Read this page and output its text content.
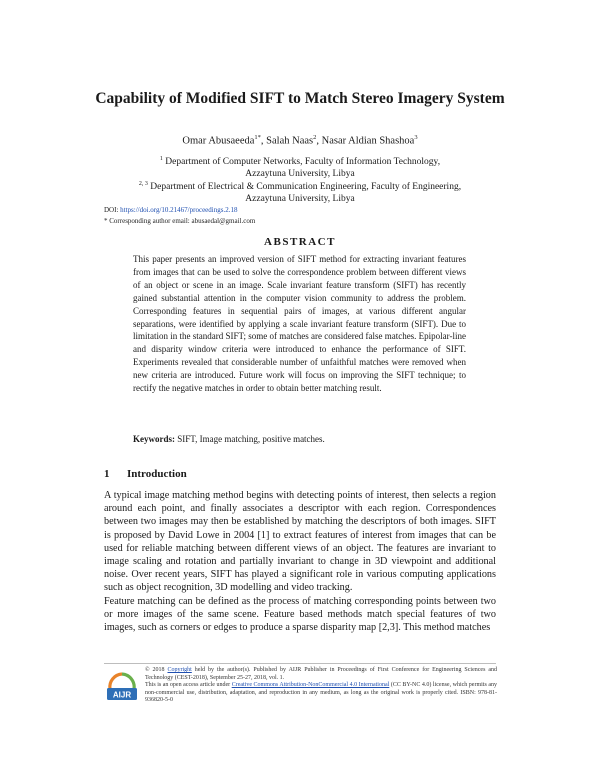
Capability of Modified SIFT to Match Stereo Imagery System
Omar Abusaeeda$^{1*}$, Salah Naas$^2$, Nasar Aldian Shashoa$^3$
$^1$ Department of Computer Networks, Faculty of Information Technology,
Azzaytuna University, Libya
$^{2, 3}$ Department of Electrical & Communication Engineering, Faculty of Engineering,
Azzaytuna University, Libya
DOI: https://doi.org/10.21467/proceedings.2.18
* Corresponding author email: abusaedal@gmail.com
ABSTRACT
This paper presents an improved version of SIFT method for extracting invariant features from images that can be used to solve the correspondence problem between different views of an object or scene in an image. Scale invariant feature transform (SIFT) has recently gained substantial attention in the computer vision community to address the problem. Corresponding features in sequential pairs of images, at various different angular separations, were identified by applying a scale invariant feature transform (SIFT). Due to limitation in the standard SIFT; some of matches are considered false matches. Epipolar-line and disparity window criteria were introduced to enhance the performance of SIFT. Experiments revealed that considerable number of unfaithful matches were removed when new criteria are introduced. Future work will focus on improving the SIFT technique; to rectify the negative matches in order to obtain better matching result.
Keywords: SIFT, Image matching, positive matches.
1 Introduction

A typical image matching method begins with detecting points of interest, then selects a region around each point, and finally associates a descriptor with each region. Correspondences between two images may then be established by matching the descriptors of both images. SIFT is proposed by David Lowe in 2004 [1] to extract features of interest from images that can be used for reliable matching between different views of an object. The features are invariant to image scaling and rotation and partially invariant to change in 3D viewpoint and additional noise. Over recent years, SIFT has played a significant role in various computing applications such as object recognition, 3D modelling and video tracking.

Feature matching can be defined as the process of matching corresponding points between two or more images of the same scene. Feature based methods match special features of two images, such as corners or edges to produce a sparse disparity map [2,3]. This method matches

AIJR
© 2018 Copyright held by the author(s). Published by AIJR Publisher in Proceedings of First Conference for Engineering Sciences and Technology (CEST-2018), September 25-27, 2018, vol. 1.
This is an open access article under Creative Commons Attribution-NonCommercial 4.0 International (CC BY-NC 4.0) license, which permits any non-commercial use, distribution, adaptation, and reproduction in any medium, as long as the original work is properly cited. ISBN: 978-81-936820-5-0
